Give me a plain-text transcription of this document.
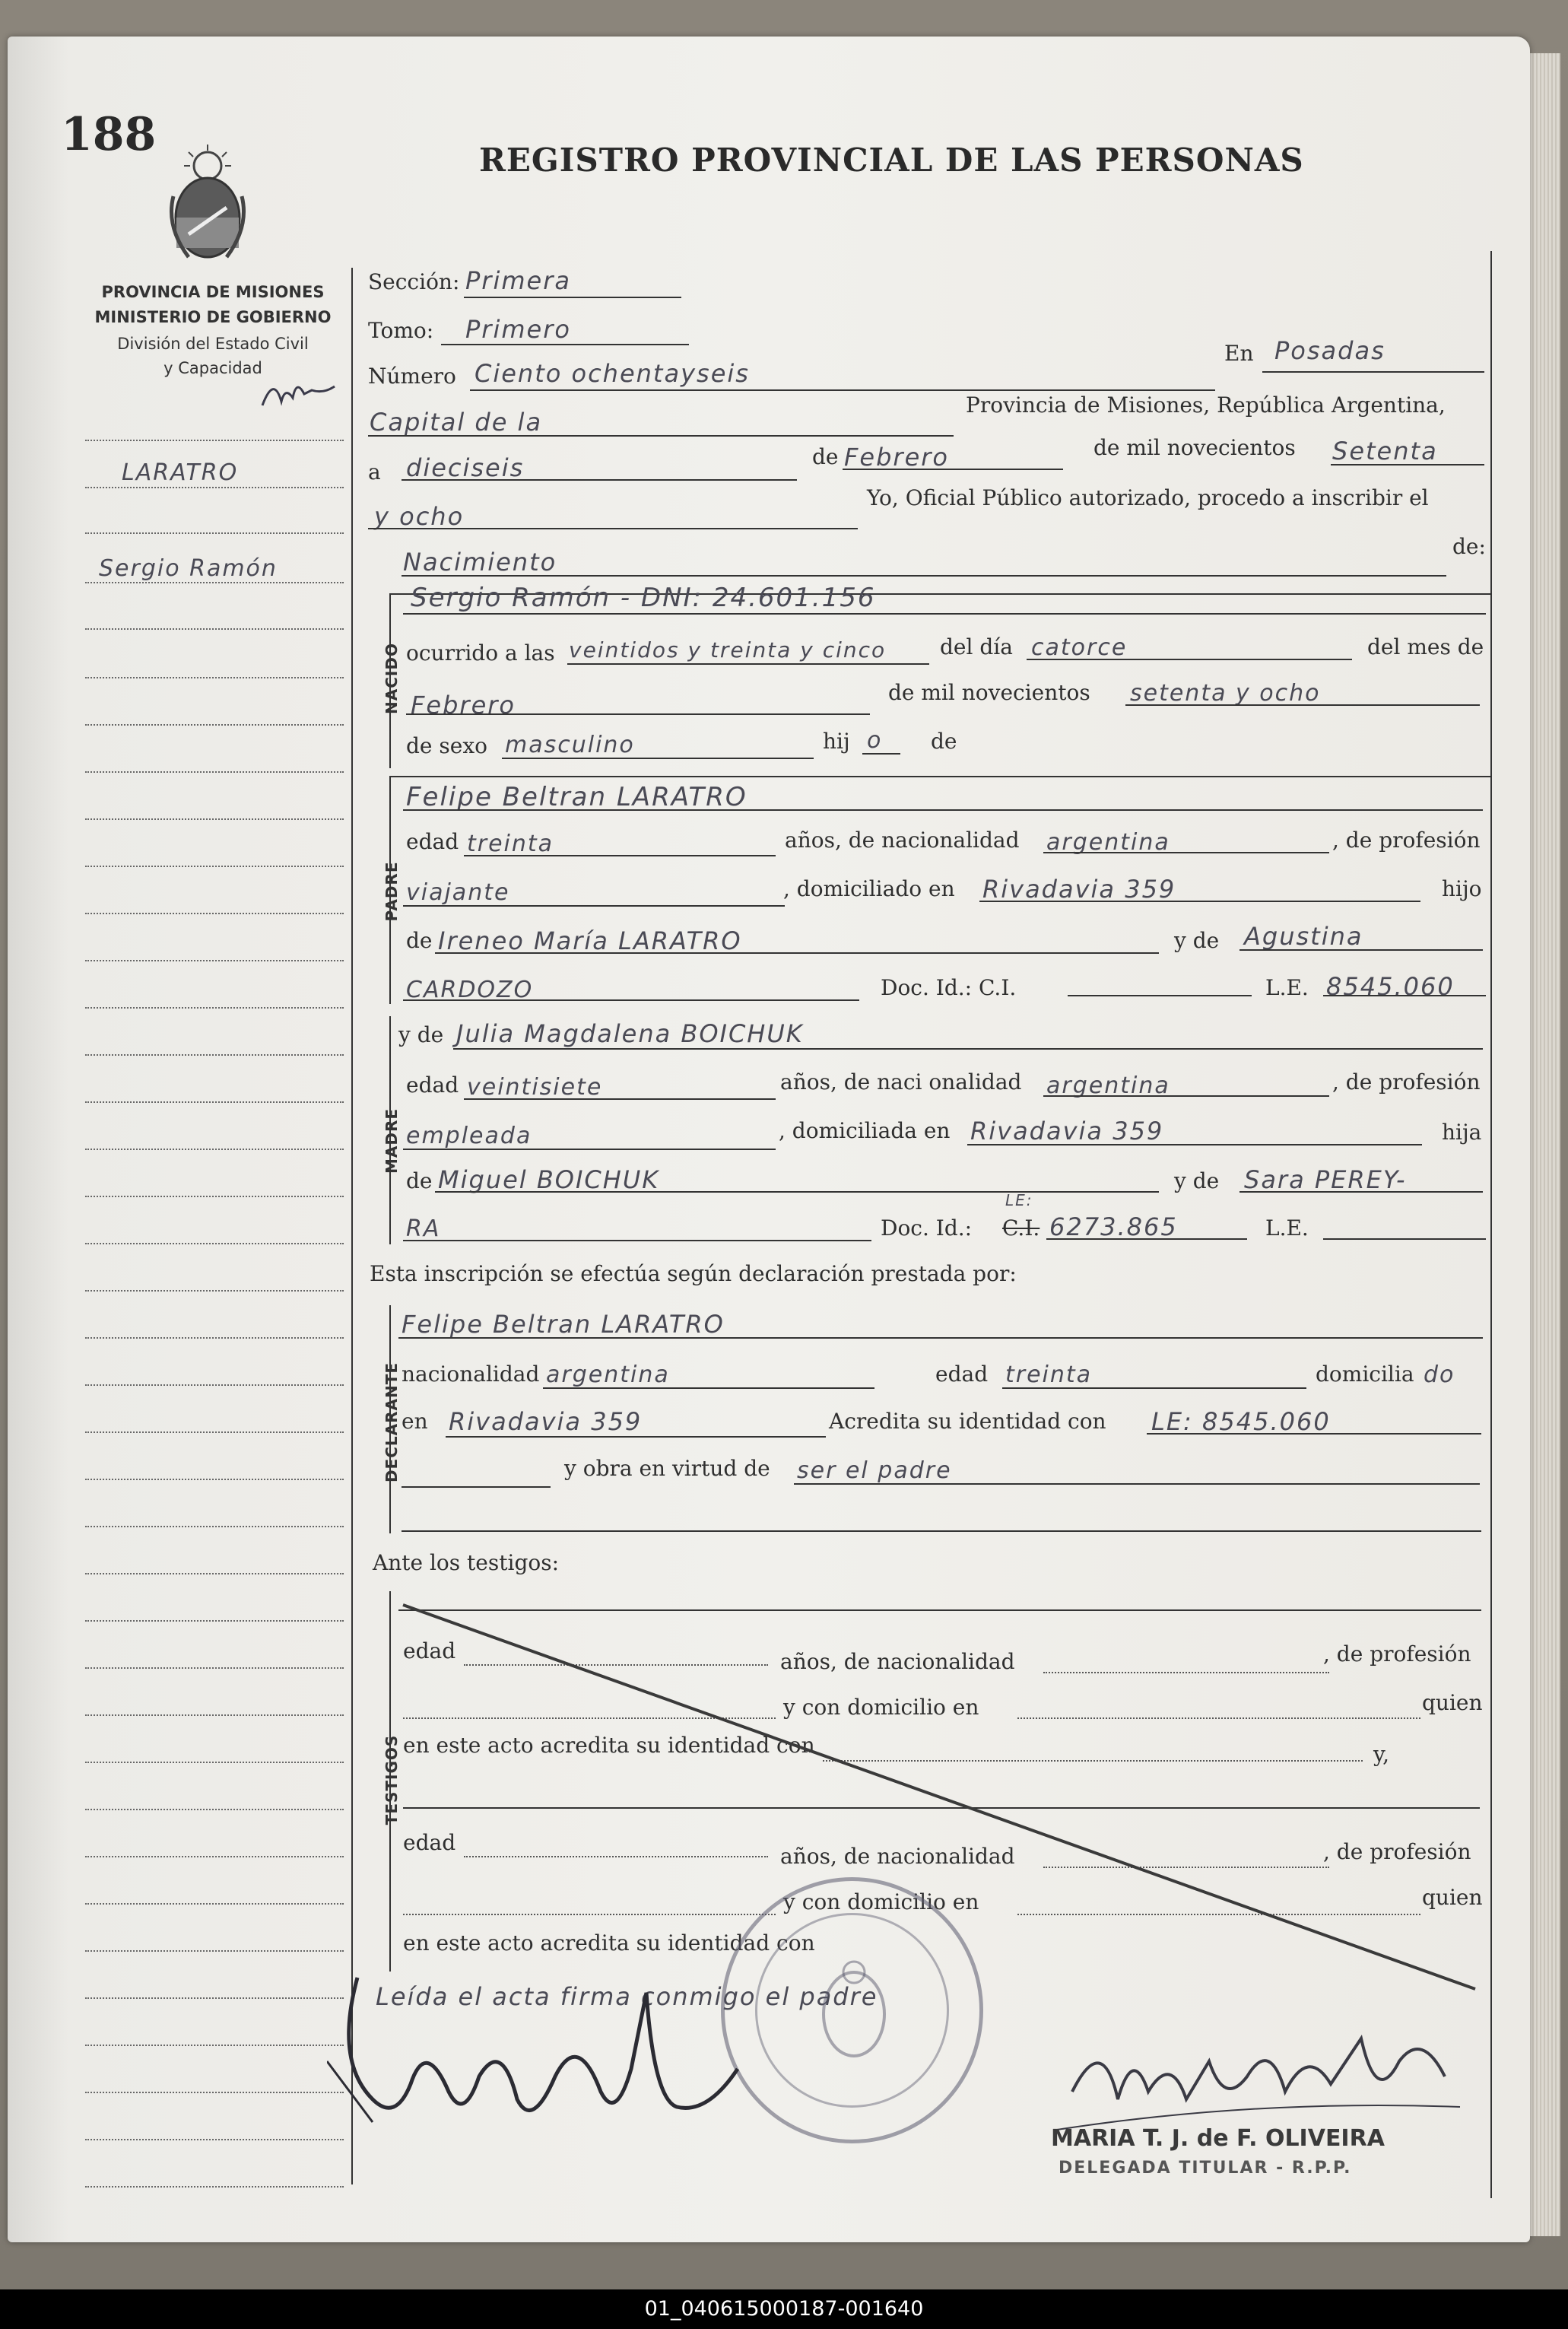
188	REGISTRO PROVINCIAL DE LAS PERSONAS
PROVINCIA DE MISIONES
MINISTERIO DE GOBIERNO
División del Estado Civil
y Capacidad
LARATRO
Sergio Ramón
Sección: Primera
Tomo: Primero
Número Ciento ochentayseis
En Posadas
Capital de la
Provincia de Misiones, República Argentina,
a dieciseis	de Febrero	de mil novecientos Setenta
y ocho
Yo, Oficial Público autorizado, procedo a inscribir el
Nacimiento
de:
NACIDO
Sergio Ramón - DNI: 24.601.156
ocurrido a las veintidos y treinta y cinco	del día catorce	del mes de
Febrero	de mil novecientos setenta y ocho
de sexo masculino	hij o de
PADRE
Felipe Beltran LARATRO
edad treinta	años, de nacionalidad argentina	, de profesión
viajante	, domiciliado en Rivadavia 359	hijo
de Ireneo María LARATRO	y de Agustina
CARDOZO	Doc. Id.: C.I.	L.E. 8545.060
MADRE
y de Julia Magdalena BOICHUK
edad veintisiete	años, de naci onalidad argentina	, de profesión
empleada	, domiciliada en Rivadavia 359	hija
de Miguel BOICHUK	y de Sara PEREY-
RA	Doc. Id.: C.I.
LE:
6273.865	L.E.
Esta inscripción se efectúa según declaración prestada por:
DECLARANTE
Felipe Beltran LARATRO
nacionalidad argentina	edad treinta	domicilia do
en Rivadavia 359	Acredita su identidad con LE: 8545.060
y obra en virtud de ser el padre
Ante los testigos:
TESTIGOS
edad	años, de nacionalidad	, de profesión
y con domicilio en	quien
en este acto acredita su identidad con	y,
edad
años, de nacionalidad	, de profesión
y con domicilio en	quien
en este acto acredita su identidad con
Leída el acta firma conmigo el padre
MARIA T. J. de F. OLIVEIRA
DELEGADA TITULAR - R.P.P.
01_040615000187-001640
